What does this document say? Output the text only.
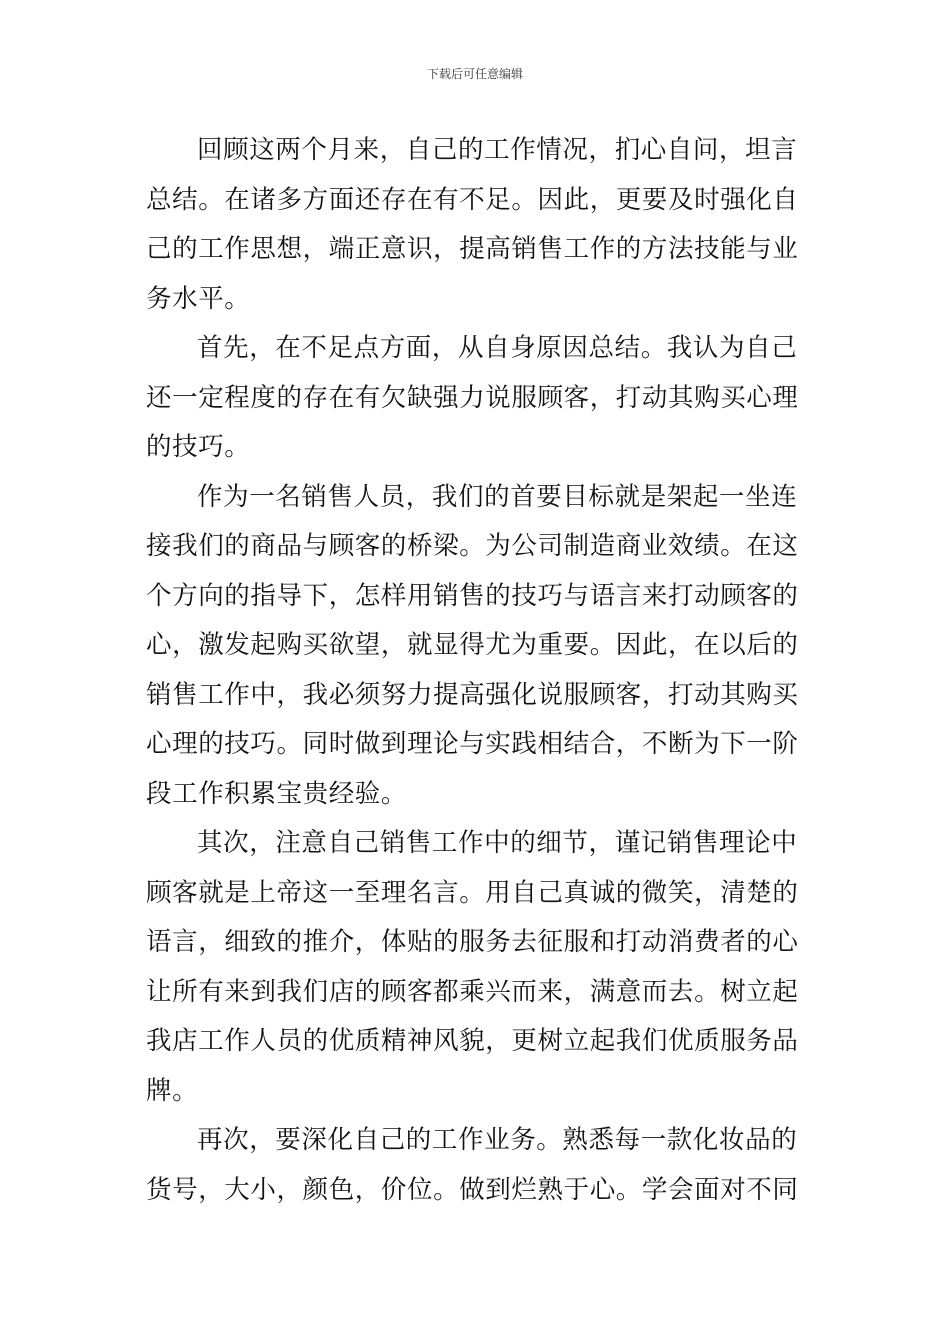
下载后可任意编辑
回顾这两个月来，自己的工作情况，扪心自问，坦言
总结。在诸多方面还存在有不足。因此，更要及时强化自
己的工作思想，端正意识，提高销售工作的方法技能与业
务水平。
首先，在不足点方面，从自身原因总结。我认为自己
还一定程度的存在有欠缺强力说服顾客，打动其购买心理
的技巧。
作为一名销售人员，我们的首要目标就是架起一坐连
接我们的商品与顾客的桥梁。为公司制造商业效绩。在这
个方向的指导下，怎样用销售的技巧与语言来打动顾客的
心，激发起购买欲望，就显得尤为重要。因此，在以后的
销售工作中，我必须努力提高强化说服顾客，打动其购买
心理的技巧。同时做到理论与实践相结合，不断为下一阶
段工作积累宝贵经验。
其次，注意自己销售工作中的细节，谨记销售理论中
顾客就是上帝这一至理名言。用自己真诚的微笑，清楚的
语言，细致的推介，体贴的服务去征服和打动消费者的心
让所有来到我们店的顾客都乘兴而来，满意而去。树立起
我店工作人员的优质精神风貌，更树立起我们优质服务品
牌。
再次，要深化自己的工作业务。熟悉每一款化妆品的
货号，大小，颜色，价位。做到烂熟于心。学会面对不同
